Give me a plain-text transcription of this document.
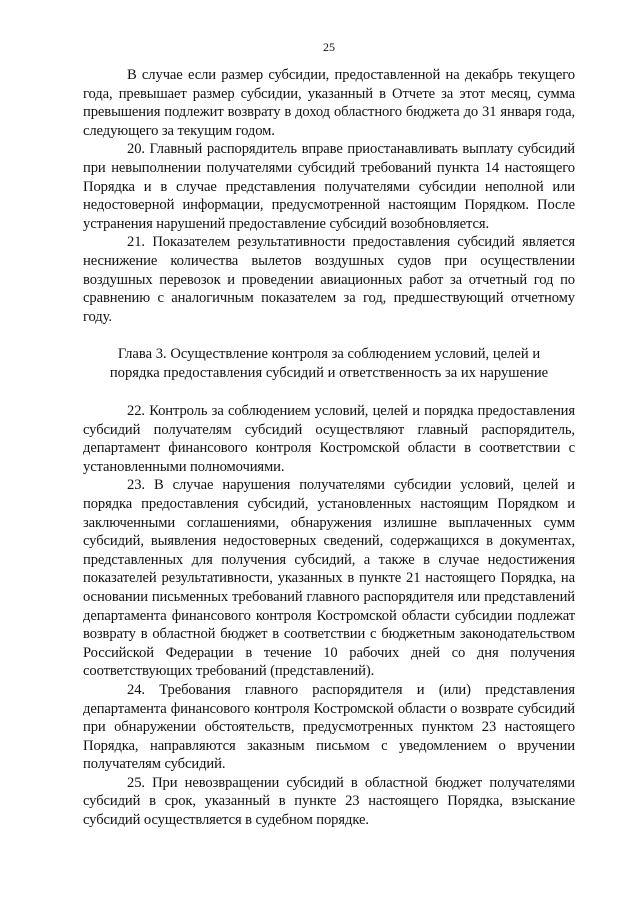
25

В случае если размер субсидии, предоставленной на декабрь текущего года, превышает размер субсидии, указанный в Отчете за этот месяц, сумма превышения подлежит возврату в доход областного бюджета до 31 января года, следующего за текущим годом.

20. Главный распорядитель вправе приостанавливать выплату субсидий при невыполнении получателями субсидий требований пункта 14 настоящего Порядка и в случае представления получателями субсидии неполной или недостоверной информации, предусмотренной настоящим Порядком. После устранения нарушений предоставление субсидий возобновляется.

21. Показателем результативности предоставления субсидий является неснижение количества вылетов воздушных судов при осуществлении воздушных перевозок и проведении авиационных работ за отчетный год по сравнению с аналогичным показателем за год, предшествующий отчетному году.

Глава 3. Осуществление контроля за соблюдением условий, целей и
порядка предоставления субсидий и ответственность за их нарушение

22. Контроль за соблюдением условий, целей и порядка предоставления субсидий получателям субсидий осуществляют главный распорядитель, департамент финансового контроля Костромской области в соответствии с установленными полномочиями.

23. В случае нарушения получателями субсидии условий, целей и порядка предоставления субсидий, установленных настоящим Порядком и заключенными соглашениями, обнаружения излишне выплаченных сумм субсидий, выявления недостоверных сведений, содержащихся в документах, представленных для получения субсидий, а также в случае недостижения показателей результативности, указанных в пункте 21 настоящего Порядка, на основании письменных требований главного распорядителя или представлений департамента финансового контроля Костромской области субсидии подлежат возврату в областной бюджет в соответствии с бюджетным законодательством Российской Федерации в течение 10 рабочих дней со дня получения соответствующих требований (представлений).

24. Требования главного распорядителя и (или) представления департамента финансового контроля Костромской области о возврате субсидий при обнаружении обстоятельств, предусмотренных пунктом 23 настоящего Порядка, направляются заказным письмом с уведомлением о вручении получателям субсидий.

25. При невозвращении субсидий в областной бюджет получателями субсидий в срок, указанный в пункте 23 настоящего Порядка, взыскание субсидий осуществляется в судебном порядке.
